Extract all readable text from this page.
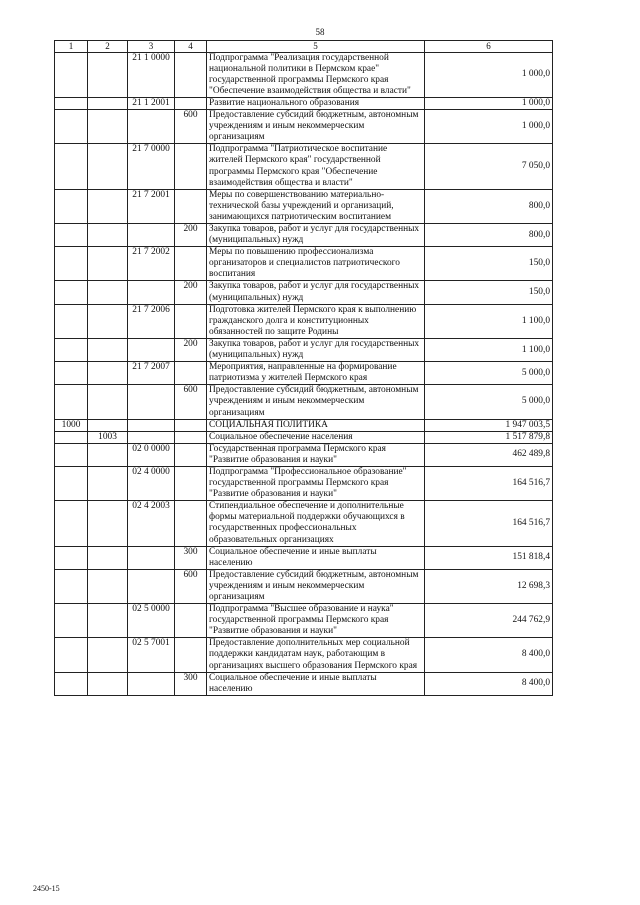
58
1	2	3	4	5	6
		21 1 0000		Подпрограмма "Реализация государственной национальной политики в Пермском крае" государственной программы Пермского края "Обеспечение взаимодействия общества и власти"	1 000,0
		21 1 2001		Развитие национального образования	1 000,0
			600	Предоставление субсидий бюджетным, автономным учреждениям и иным некоммерческим организациям	1 000,0
		21 7 0000		Подпрограмма "Патриотическое воспитание жителей Пермского края" государственной программы Пермского края "Обеспечение взаимодействия общества и власти"	7 050,0
		21 7 2001		Меры по совершенствованию материально-технической базы учреждений и организаций, занимающихся патриотическим воспитанием	800,0
			200	Закупка товаров, работ и услуг для государственных (муниципальных) нужд	800,0
		21 7 2002		Меры по повышению профессионализма организаторов и специалистов патриотического воспитания	150,0
			200	Закупка товаров, работ и услуг для государственных (муниципальных) нужд	150,0
		21 7 2006		Подготовка жителей Пермского края к выполнению гражданского долга и конституционных обязанностей по защите Родины	1 100,0
			200	Закупка товаров, работ и услуг для государственных (муниципальных) нужд	1 100,0
		21 7 2007		Мероприятия, направленные на формирование патриотизма у жителей Пермского края	5 000,0
			600	Предоставление субсидий бюджетным, автономным учреждениям и иным некоммерческим организациям	5 000,0
1000				СОЦИАЛЬНАЯ ПОЛИТИКА	1 947 003,5
	1003			Социальное обеспечение населения	1 517 879,8
		02 0 0000		Государственная программа Пермского края "Развитие образования и науки"	462 489,8
		02 4 0000		Подпрограмма "Профессиональное образование" государственной программы Пермского края "Развитие образования и науки"	164 516,7
		02 4 2003		Стипендиальное обеспечение и дополнительные формы материальной поддержки обучающихся в государственных профессиональных образовательных организациях	164 516,7
			300	Социальное обеспечение и иные выплаты населению	151 818,4
			600	Предоставление субсидий бюджетным, автономным учреждениям и иным некоммерческим организациям	12 698,3
		02 5 0000		Подпрограмма "Высшее образование и наука" государственной программы Пермского края "Развитие образования и науки"	244 762,9
		02 5 7001		Предоставление дополнительных мер социальной поддержки кандидатам наук, работающим в организациях высшего образования Пермского края	8 400,0
			300	Социальное обеспечение и иные выплаты населению	8 400,0
2450-15
